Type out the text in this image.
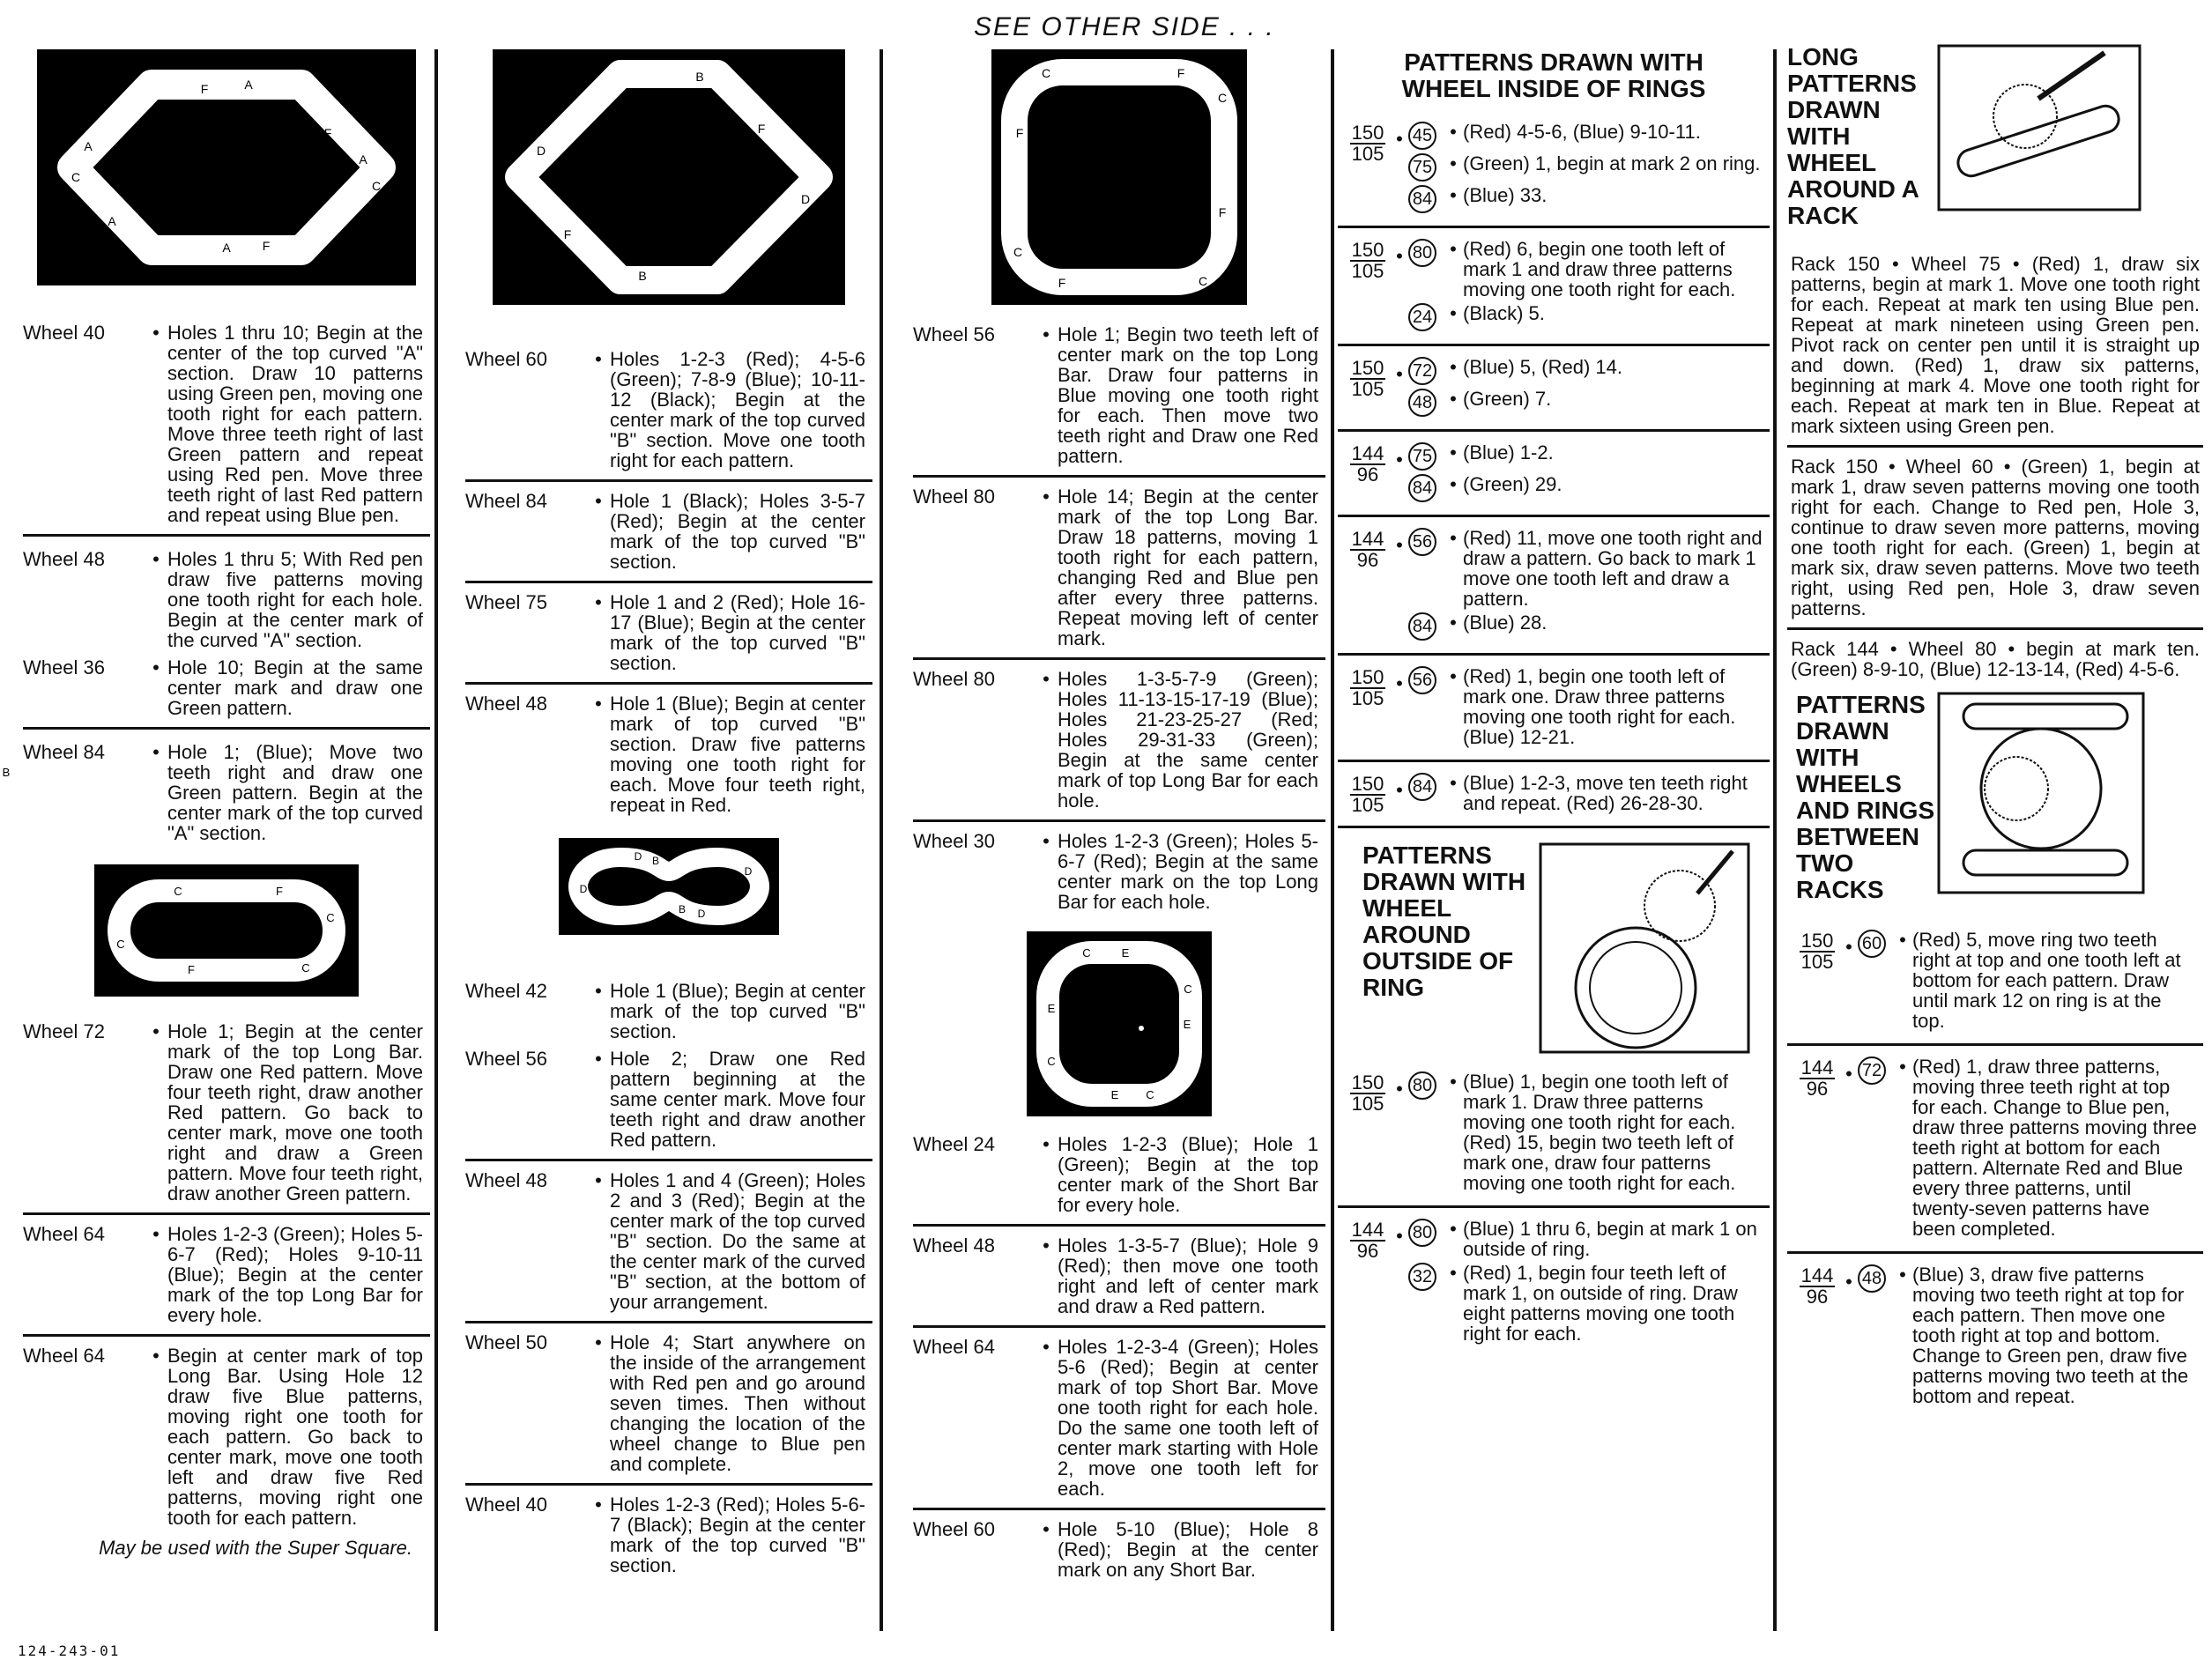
SEE OTHER SIDE . . .
F	A
A
C
F
A
C
A	F
A
Wheel 40	• Holes 1 thru 10; Begin at the center of the top curved "A" section. Draw 10 patterns using Green pen, moving one tooth right for each pattern. Move three teeth right of last Green pattern and repeat using Red pen. Move three teeth right of last Red pattern and repeat using Blue pen.
Wheel 48	• Holes 1 thru 5; With Red pen draw five patterns moving one tooth right for each hole. Begin at the center mark of the curved "A" section.
Wheel 36	• Hole 10; Begin at the same center mark and draw one Green pattern.
Wheel 84	• Hole 1; (Blue); Move two teeth right and draw one Green pattern. Begin at the center mark of the top curved "A" section.
B
C	F
C
C
F	C
Wheel 72	• Hole 1; Begin at the center mark of the top Long Bar. Draw one Red pattern. Move four teeth right, draw another Red pattern. Go back to center mark, move one tooth right and draw a Green pattern. Move four teeth right, draw another Green pattern.
Wheel 64	• Holes 1-2-3 (Green); Holes 5-6-7 (Red); Holes 9-10-11 (Blue); Begin at the center mark of the top Long Bar for every hole.
Wheel 64	• Begin at center mark of top Long Bar. Using Hole 12 draw five Blue patterns, moving right one tooth for each pattern. Go back to center mark, move one tooth left and draw five Red patterns, moving right one tooth for each pattern.
May be used with the Super Square.
124-243-01
B
F
F
D
F
D
F
B
Wheel 60	• Holes 1-2-3 (Red); 4-5-6 (Green); 7-8-9 (Blue); 10-11-12 (Black); Begin at the center mark of the top curved "B" section. Move one tooth right for each pattern.
Wheel 84	• Hole 1 (Black); Holes 3-5-7 (Red); Begin at the center mark of the top curved "B" section.
Wheel 75	• Hole 1 and 2 (Red); Hole 16-17 (Blue); Begin at the center mark of the top curved "B" section.
Wheel 48	• Hole 1 (Blue); Begin at center mark of top curved "B" section. Draw five patterns moving one tooth right for each. Move four teeth right, repeat in Red.
D B
D
D
B D
Wheel 42	• Hole 1 (Blue); Begin at center mark of the top curved "B" section.
Wheel 56	• Hole 2; Draw one Red pattern beginning at the same center mark. Move four teeth right and draw another Red pattern.
Wheel 48	• Holes 1 and 4 (Green); Holes 2 and 3 (Red); Begin at the center mark of the top curved "B" section. Do the same at the center mark of the curved "B" section, at the bottom of your arrangement.
Wheel 50	• Hole 4; Start anywhere on the inside of the arrangement with Red pen and go around seven times. Then without changing the location of the wheel change to Blue pen and complete.
Wheel 40	• Holes 1-2-3 (Red); Holes 5-6-7 (Black); Begin at the center mark of the top curved "B" section.
C	F
C
F
F
C
F	C
Wheel 56	• Hole 1; Begin two teeth left of center mark on the top Long Bar. Draw four patterns in Blue moving one tooth right for each. Then move two teeth right and Draw one Red pattern.
Wheel 80	• Hole 14; Begin at the center mark of the top Long Bar. Draw 18 patterns, moving 1 tooth right for each pattern, changing Red and Blue pen after every three patterns. Repeat moving left of center mark.
Wheel 80	• Holes 1-3-5-7-9 (Green); Holes 11-13-15-17-19 (Blue); Holes 21-23-25-27 (Red; Holes 29-31-33 (Green); Begin at the same center mark of top Long Bar for each hole.
Wheel 30	• Holes 1-2-3 (Green); Holes 5-6-7 (Red); Begin at the same center mark on the top Long Bar for each hole.
C	E
C
E
E
C
E C
Wheel 24	• Holes 1-2-3 (Blue); Hole 1 (Green); Begin at the top center mark of the Short Bar for every hole.
Wheel 48	• Holes 1-3-5-7 (Blue); Hole 9 (Red); then move one tooth right and left of center mark and draw a Red pattern.
Wheel 64	• Holes 1-2-3-4 (Green); Holes 5-6 (Red); Begin at center mark of top Short Bar. Move one tooth right for each hole. Do the same one tooth left of center mark starting with Hole 2, move one tooth left for each.
Wheel 60	• Hole 5-10 (Blue); Hole 8 (Red); Begin at the center mark on any Short Bar.
PATTERNS DRAWN WITH WHEEL INSIDE OF RINGS
$\frac{150}{105}$ • 45 • (Red) 4-5-6, (Blue) 9-10-11.
75 • (Green) 1, begin at mark 2 on ring.
84 • (Blue) 33.
$\frac{150}{105}$ • 80 • (Red) 6, begin one tooth left of mark 1 and draw three patterns moving one tooth right for each.
24 • (Black) 5.
$\frac{150}{105}$ • 72 • (Blue) 5, (Red) 14.
48 • (Green) 7.
$\frac{144}{96}$ • 75 • (Blue) 1-2.
84 • (Green) 29.
$\frac{144}{96}$ • 56 • (Red) 11, move one tooth right and draw a pattern. Go back to mark 1 move one tooth left and draw a pattern.
84 • (Blue) 28.
$\frac{150}{105}$ • 56 • (Red) 1, begin one tooth left of mark one. Draw three patterns moving one tooth right for each. (Blue) 12-21.
$\frac{150}{105}$ • 84 • (Blue) 1-2-3, move ten teeth right and repeat. (Red) 26-28-30.
PATTERNS DRAWN WITH WHEEL AROUND OUTSIDE OF RING
$\frac{150}{105}$ • 80 • (Blue) 1, begin one tooth left of mark 1. Draw three patterns moving one tooth right for each. (Red) 15, begin two teeth left of mark one, draw four patterns moving one tooth right for each.
$\frac{144}{96}$ • 80 • (Blue) 1 thru 6, begin at mark 1 on outside of ring.
32 • (Red) 1, begin four teeth left of mark 1, on outside of ring. Draw eight patterns moving one tooth right for each.
LONG PATTERNS DRAWN WITH WHEEL AROUND A RACK
Rack 150 • Wheel 75 • (Red) 1, draw six patterns, begin at mark 1. Move one tooth right for each. Repeat at mark ten using Blue pen. Repeat at mark nineteen using Green pen. Pivot rack on center pen until it is straight up and down. (Red) 1, draw six patterns, beginning at mark 4. Move one tooth right for each. Repeat at mark ten in Blue. Repeat at mark sixteen using Green pen.
Rack 150 • Wheel 60 • (Green) 1, begin at mark 1, draw seven patterns moving one tooth right for each. Change to Red pen, Hole 3, continue to draw seven more patterns, moving one tooth right for each. (Green) 1, begin at mark six, draw seven patterns. Move two teeth right, using Red pen, Hole 3, draw seven patterns.
Rack 144 • Wheel 80 • begin at mark ten. (Green) 8-9-10, (Blue) 12-13-14, (Red) 4-5-6.
PATTERNS DRAWN WITH WHEELS AND RINGS BETWEEN TWO RACKS
$\frac{150}{105}$ • 60 • (Red) 5, move ring two teeth right at top and one tooth left at bottom for each pattern. Draw until mark 12 on ring is at the top.
$\frac{144}{96}$ • 72 • (Red) 1, draw three patterns, moving three teeth right at top for each. Change to Blue pen, draw three patterns moving three teeth right at bottom for each pattern. Alternate Red and Blue every three patterns, until twenty-seven patterns have been completed.
$\frac{144}{96}$ • 48 • (Blue) 3, draw five patterns moving two teeth right at top for each pattern. Then move one tooth right at top and bottom. Change to Green pen, draw five patterns moving two teeth at the bottom and repeat.
